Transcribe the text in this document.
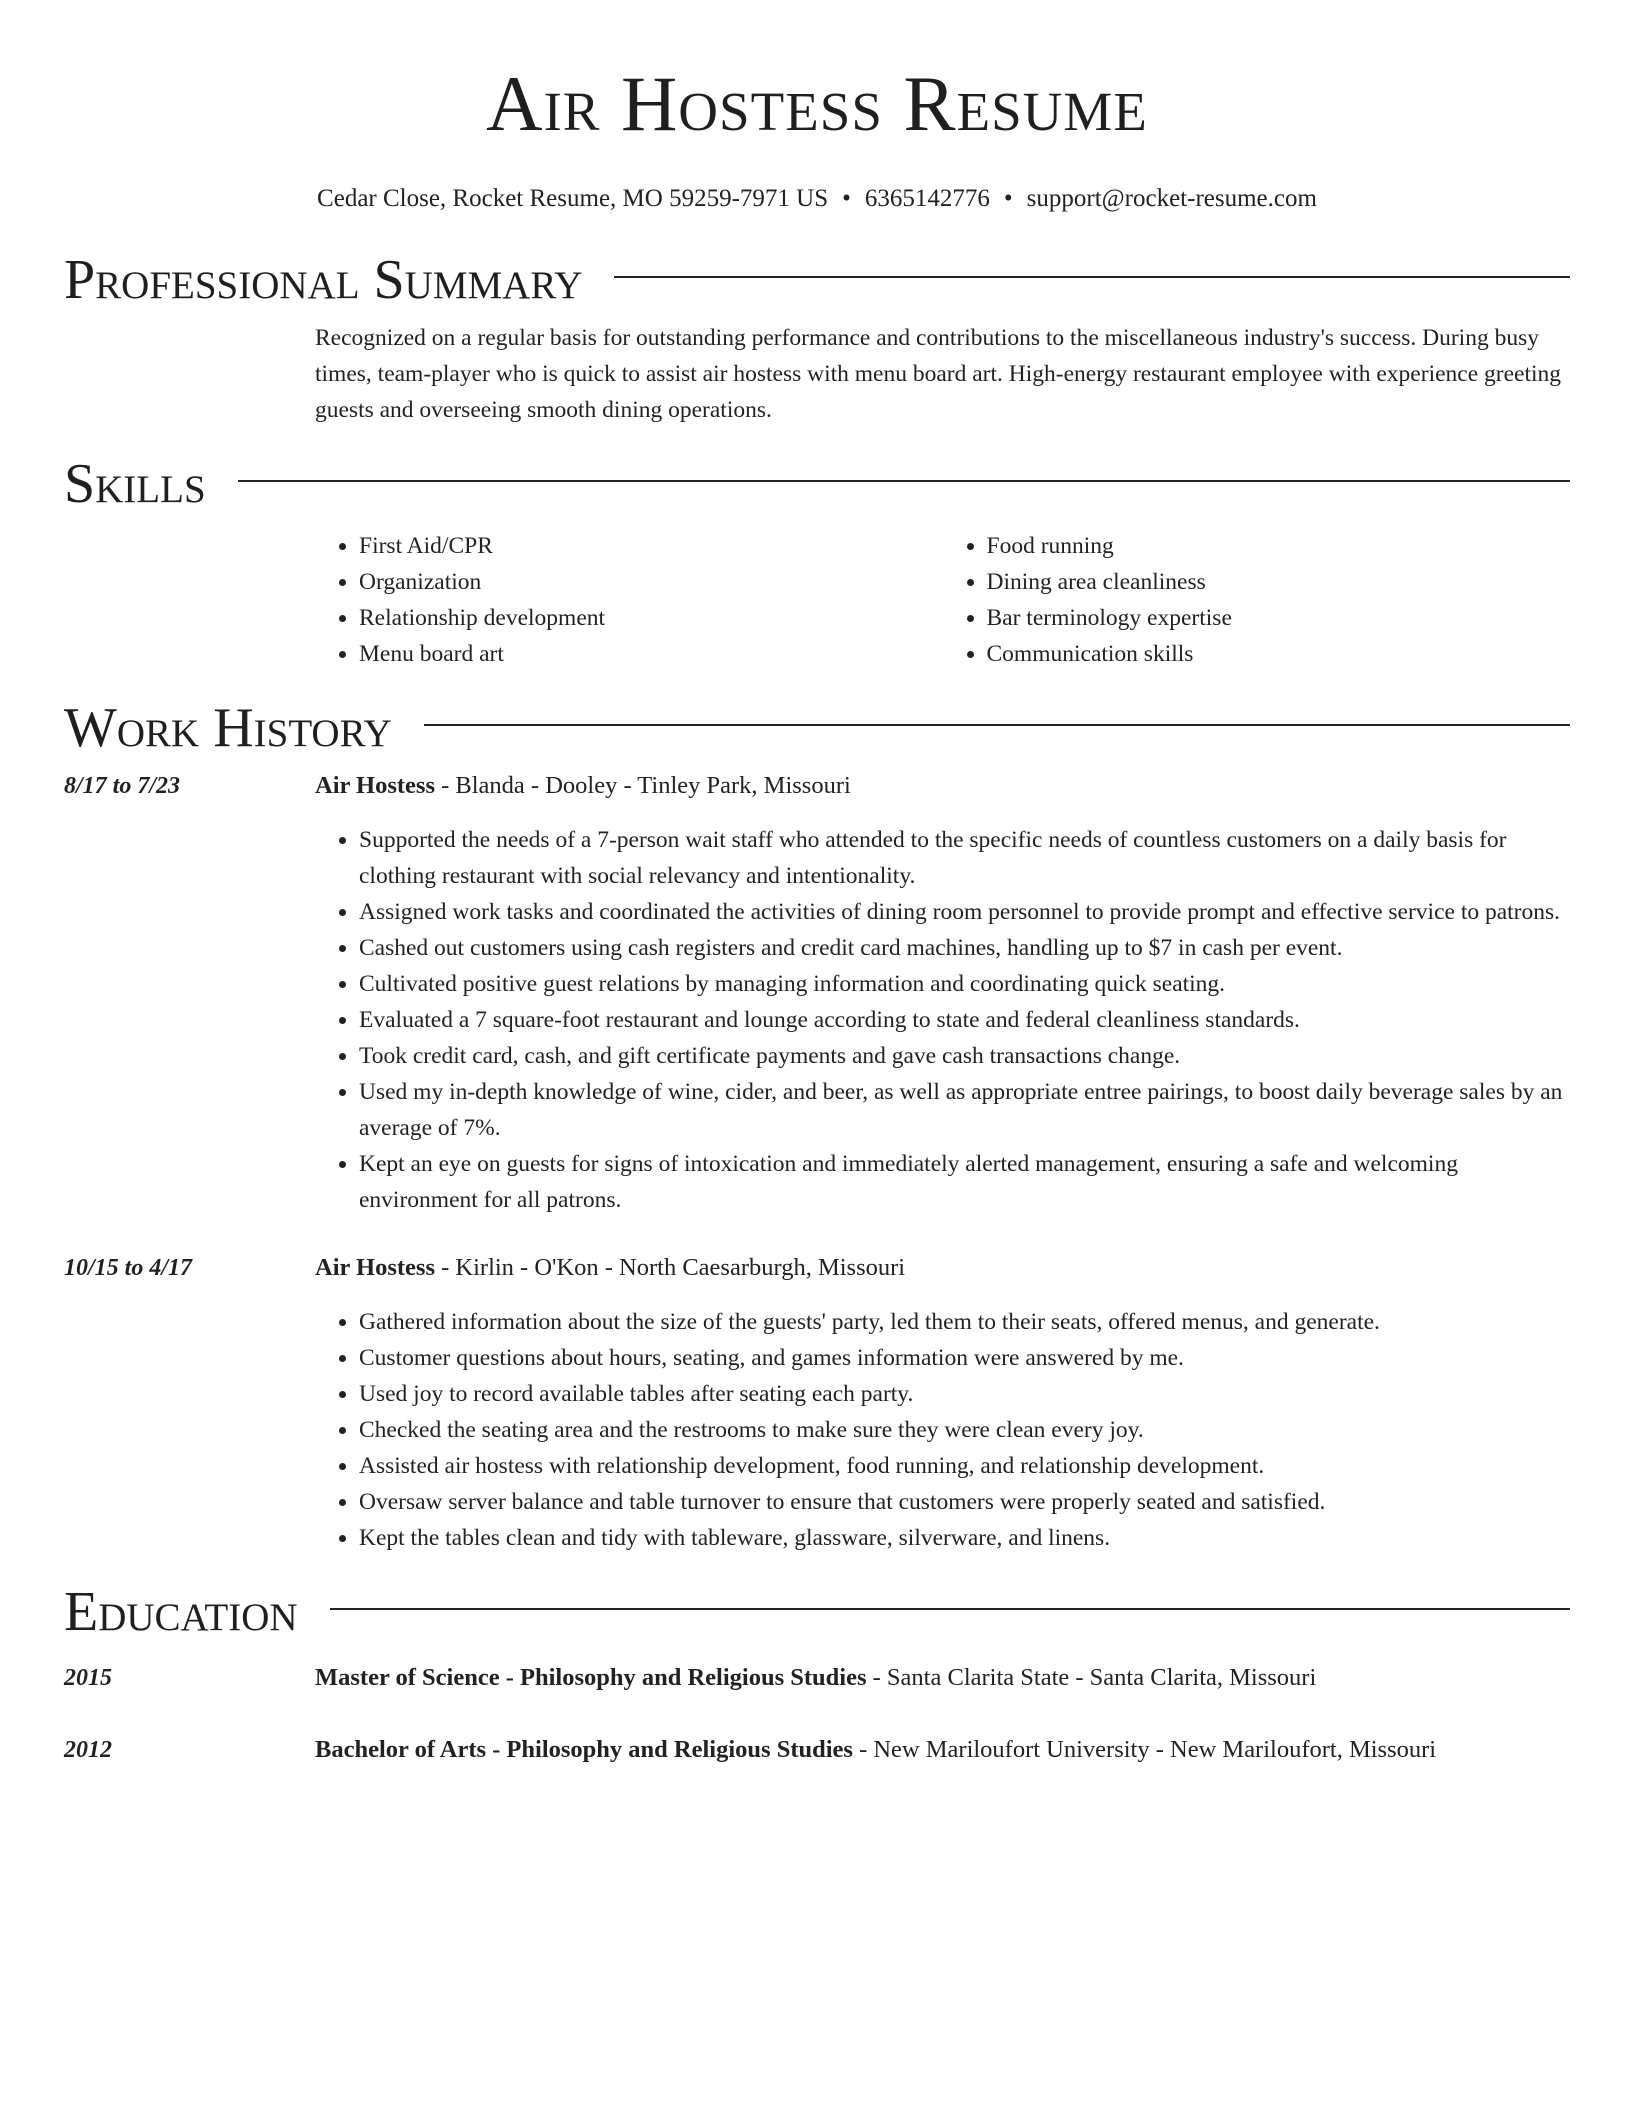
Air Hostess Resume
Cedar Close, Rocket Resume, MO 59259-7971 US • 6365142776 • support@rocket-resume.com
Professional Summary

Recognized on a regular basis for outstanding performance and contributions to the miscellaneous industry's success. During busy times, team-player who is quick to assist air hostess with menu board art. High-energy restaurant employee with experience greeting guests and overseeing smooth dining operations.

Skills
• First Aid/CPR
• Organization
• Relationship development
• Menu board art
• Food running
• Dining area cleanliness
• Bar terminology expertise
• Communication skills
Work History
8/17 to 7/23	Air Hostess - Blanda - Dooley - Tinley Park, Missouri
• Supported the needs of a 7-person wait staff who attended to the specific needs of countless customers on a daily basis for clothing restaurant with social relevancy and intentionality.
• Assigned work tasks and coordinated the activities of dining room personnel to provide prompt and effective service to patrons.
• Cashed out customers using cash registers and credit card machines, handling up to $7 in cash per event.
• Cultivated positive guest relations by managing information and coordinating quick seating.
• Evaluated a 7 square-foot restaurant and lounge according to state and federal cleanliness standards.
• Took credit card, cash, and gift certificate payments and gave cash transactions change.
• Used my in-depth knowledge of wine, cider, and beer, as well as appropriate entree pairings, to boost daily beverage sales by an average of 7%.
• Kept an eye on guests for signs of intoxication and immediately alerted management, ensuring a safe and welcoming environment for all patrons.
10/15 to 4/17	Air Hostess - Kirlin - O'Kon - North Caesarburgh, Missouri
• Gathered information about the size of the guests' party, led them to their seats, offered menus, and generate.
• Customer questions about hours, seating, and games information were answered by me.
• Used joy to record available tables after seating each party.
• Checked the seating area and the restrooms to make sure they were clean every joy.
• Assisted air hostess with relationship development, food running, and relationship development.
• Oversaw server balance and table turnover to ensure that customers were properly seated and satisfied.
• Kept the tables clean and tidy with tableware, glassware, silverware, and linens.
Education
2015	Master of Science - Philosophy and Religious Studies - Santa Clarita State - Santa Clarita, Missouri
2012	Bachelor of Arts - Philosophy and Religious Studies - New Mariloufort University - New Mariloufort, Missouri
